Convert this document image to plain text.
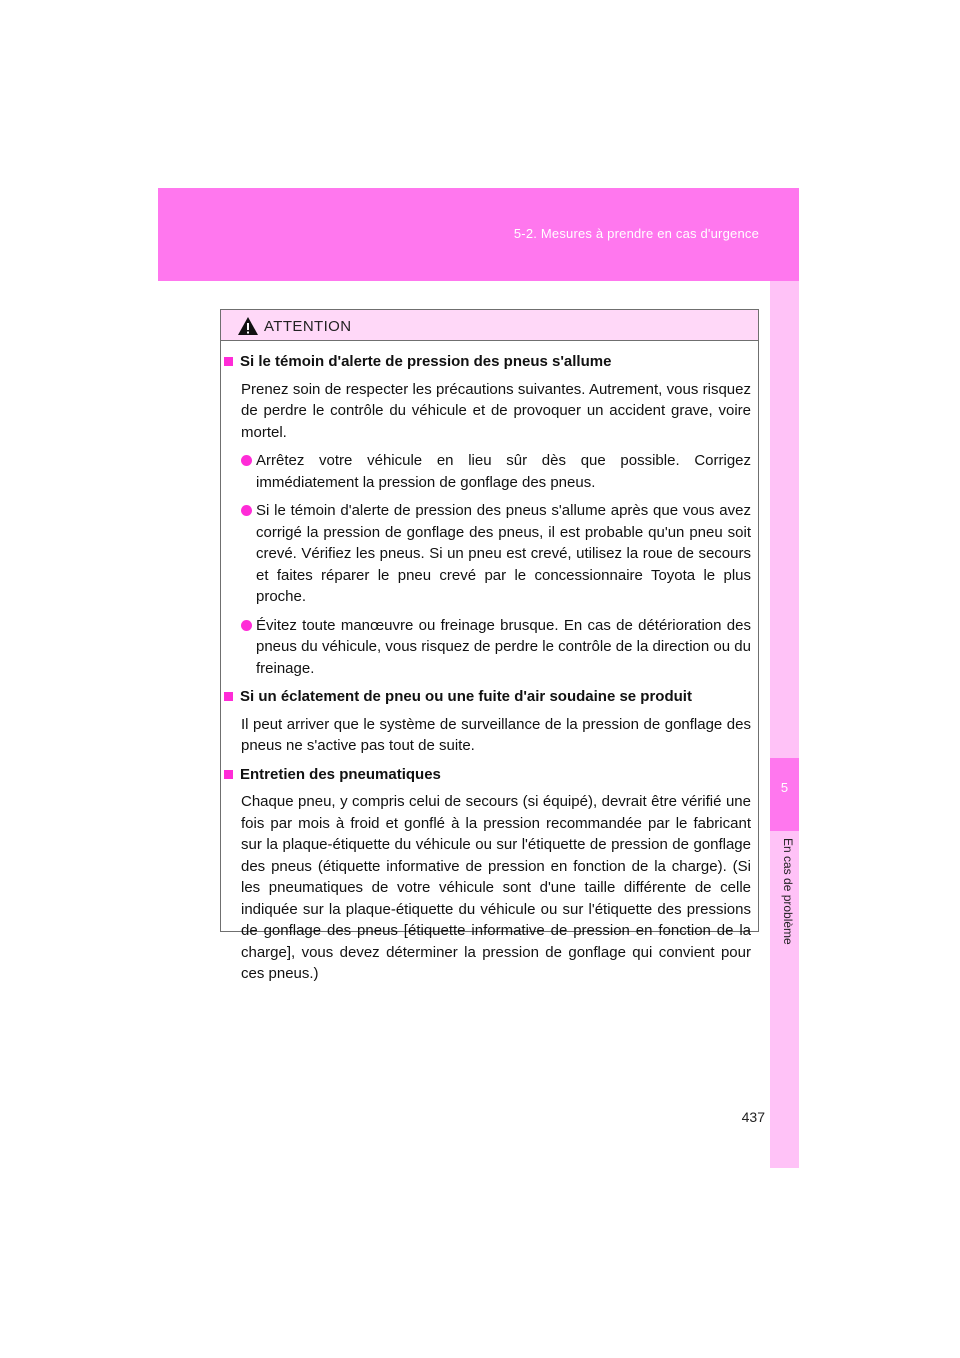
5-2. Mesures à prendre en cas d'urgence
5
En cas de problème
ATTENTION
Si le témoin d'alerte de pression des pneus s'allume

Prenez soin de respecter les précautions suivantes. Autrement, vous risquez de perdre le contrôle du véhicule et de provoquer un accident grave, voire mortel.

Arrêtez votre véhicule en lieu sûr dès que possible. Corrigez immédiatement la pression de gonflage des pneus.
Si le témoin d'alerte de pression des pneus s'allume après que vous avez corrigé la pression de gonflage des pneus, il est probable qu'un pneu soit crevé. Vérifiez les pneus. Si un pneu est crevé, utilisez la roue de secours et faites réparer le pneu crevé par le concessionnaire Toyota le plus proche.
Évitez toute manœuvre ou freinage brusque. En cas de détérioration des pneus du véhicule, vous risquez de perdre le contrôle de la direction ou du freinage.
Si un éclatement de pneu ou une fuite d'air soudaine se produit

Il peut arriver que le système de surveillance de la pression de gonflage des pneus ne s'active pas tout de suite.

Entretien des pneumatiques

Chaque pneu, y compris celui de secours (si équipé), devrait être vérifié une fois par mois à froid et gonflé à la pression recommandée par le fabricant sur la plaque-étiquette du véhicule ou sur l'étiquette de pression de gonflage des pneus (étiquette informative de pression en fonction de la charge). (Si les pneumatiques de votre véhicule sont d'une taille différente de celle indiquée sur la plaque-étiquette du véhicule ou sur l'étiquette des pressions de gonflage des pneus [étiquette informative de pression en fonction de la charge], vous devez déterminer la pression de gonflage qui convient pour ces pneus.)

437
